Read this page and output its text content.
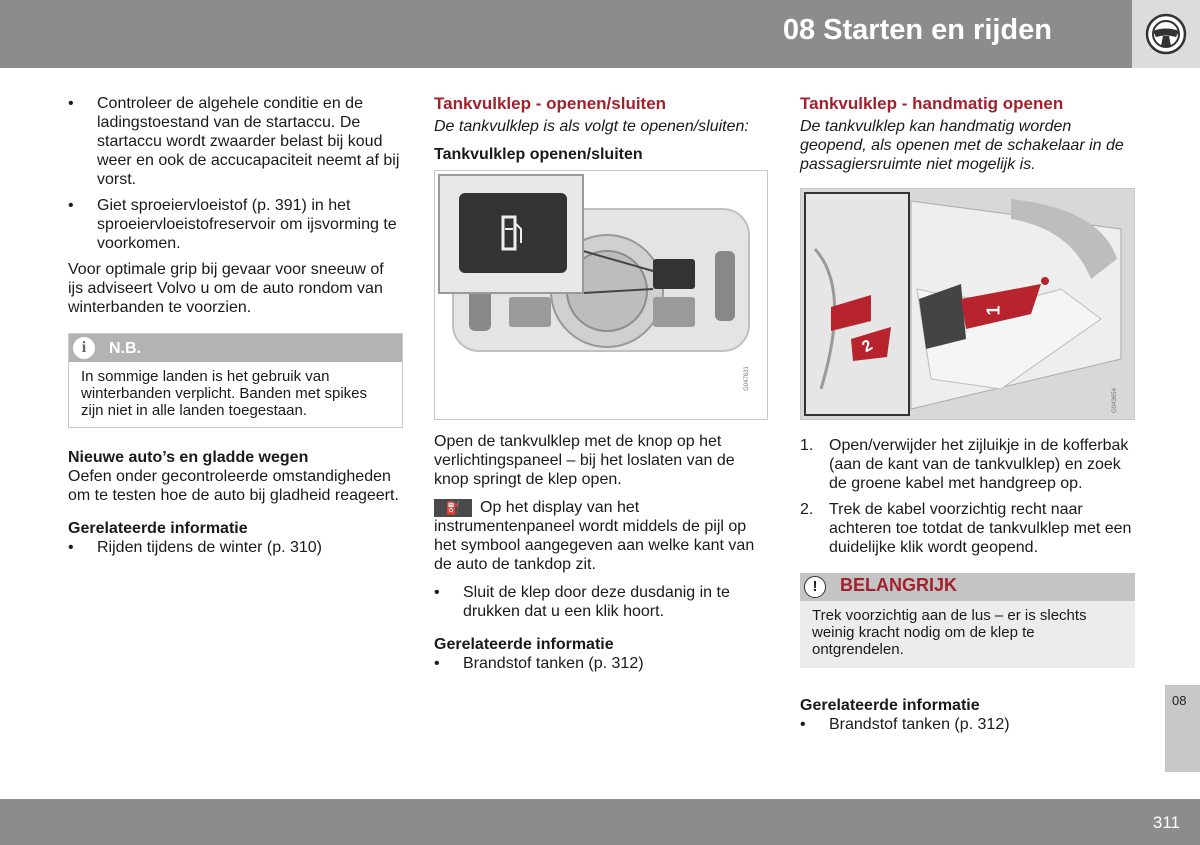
08 Starten en rijden
• Controleer de algehele conditie en de ladingstoestand van de startaccu. De startaccu wordt zwaarder belast bij koud weer en ook de accucapaciteit neemt af bij vorst.
• Giet sproeiervloeistof (p. 391) in het sproeiervloeistofreservoir om ijsvorming te voorkomen.

Voor optimale grip bij gevaar voor sneeuw of ijs adviseert Volvo u om de auto rondom van winterbanden te voorzien.

i	N.B.
In sommige landen is het gebruik van winterbanden verplicht. Banden met spikes zijn niet in alle landen toegestaan.
Nieuwe auto’s en gladde wegen

Oefen onder gecontroleerde omstandigheden om te testen hoe de auto bij gladheid reageert.

Gerelateerde informatie
• Rijden tijdens de winter (p. 310)
Tankvulklep - openen/sluiten
De tankvulklep is als volgt te openen/sluiten:
Tankvulklep openen/sluiten
G047631

Open de tankvulklep met de knop op het verlichtingspaneel – bij het loslaten van de knop springt de klep open.

⛽ Op het display van het instrumentenpaneel wordt middels de pijl op het symbool aangegeven aan welke kant van de auto de tankdop zit.

• Sluit de klep door deze dusdanig in te drukken dat u een klik hoort.
Gerelateerde informatie
• Brandstof tanken (p. 312)
Tankvulklep - handmatig openen
De tankvulklep kan handmatig worden geopend, als openen met de schakelaar in de passagiersruimte niet mogelijk is.
1
2
G043654
1. Open/verwijder het zijluikje in de kofferbak (aan de kant van de tankvulklep) en zoek de groene kabel met handgreep op.
2. Trek de kabel voorzichtig recht naar achteren toe totdat de tankvulklep met een duidelijke klik wordt geopend.
!	BELANGRIJK
Trek voorzichtig aan de lus – er is slechts weinig kracht nodig om de klep te ontgrendelen.
Gerelateerde informatie
• Brandstof tanken (p. 312)
08
311
